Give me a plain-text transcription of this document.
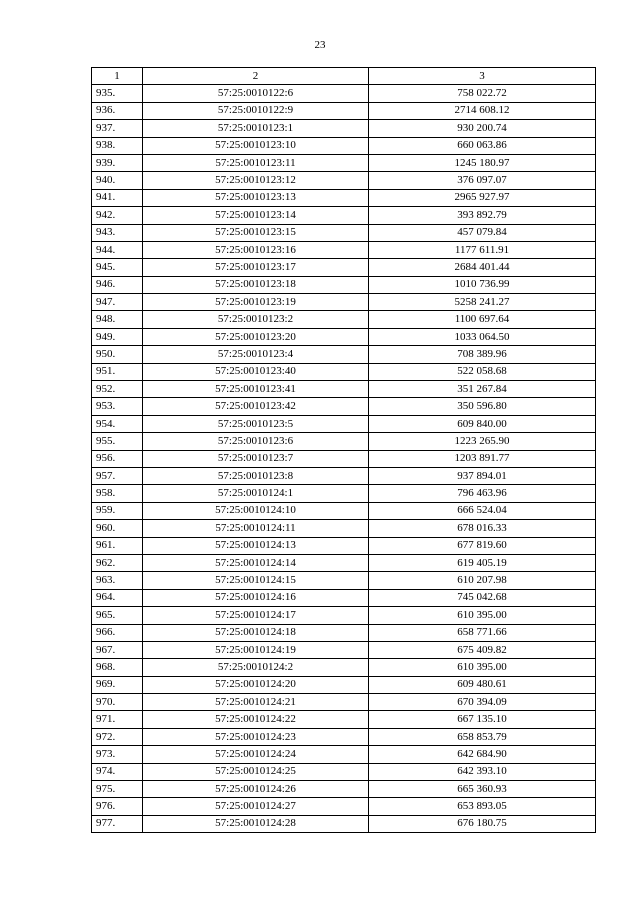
23
1	2	3
935.	57:25:0010122:6	758 022.72
936.	57:25:0010122:9	2714 608.12
937.	57:25:0010123:1	930 200.74
938.	57:25:0010123:10	660 063.86
939.	57:25:0010123:11	1245 180.97
940.	57:25:0010123:12	376 097.07
941.	57:25:0010123:13	2965 927.97
942.	57:25:0010123:14	393 892.79
943.	57:25:0010123:15	457 079.84
944.	57:25:0010123:16	1177 611.91
945.	57:25:0010123:17	2684 401.44
946.	57:25:0010123:18	1010 736.99
947.	57:25:0010123:19	5258 241.27
948.	57:25:0010123:2	1100 697.64
949.	57:25:0010123:20	1033 064.50
950.	57:25:0010123:4	708 389.96
951.	57:25:0010123:40	522 058.68
952.	57:25:0010123:41	351 267.84
953.	57:25:0010123:42	350 596.80
954.	57:25:0010123:5	609 840.00
955.	57:25:0010123:6	1223 265.90
956.	57:25:0010123:7	1203 891.77
957.	57:25:0010123:8	937 894.01
958.	57:25:0010124:1	796 463.96
959.	57:25:0010124:10	666 524.04
960.	57:25:0010124:11	678 016.33
961.	57:25:0010124:13	677 819.60
962.	57:25:0010124:14	619 405.19
963.	57:25:0010124:15	610 207.98
964.	57:25:0010124:16	745 042.68
965.	57:25:0010124:17	610 395.00
966.	57:25:0010124:18	658 771.66
967.	57:25:0010124:19	675 409.82
968.	57:25:0010124:2	610 395.00
969.	57:25:0010124:20	609 480.61
970.	57:25:0010124:21	670 394.09
971.	57:25:0010124:22	667 135.10
972.	57:25:0010124:23	658 853.79
973.	57:25:0010124:24	642 684.90
974.	57:25:0010124:25	642 393.10
975.	57:25:0010124:26	665 360.93
976.	57:25:0010124:27	653 893.05
977.	57:25:0010124:28	676 180.75
